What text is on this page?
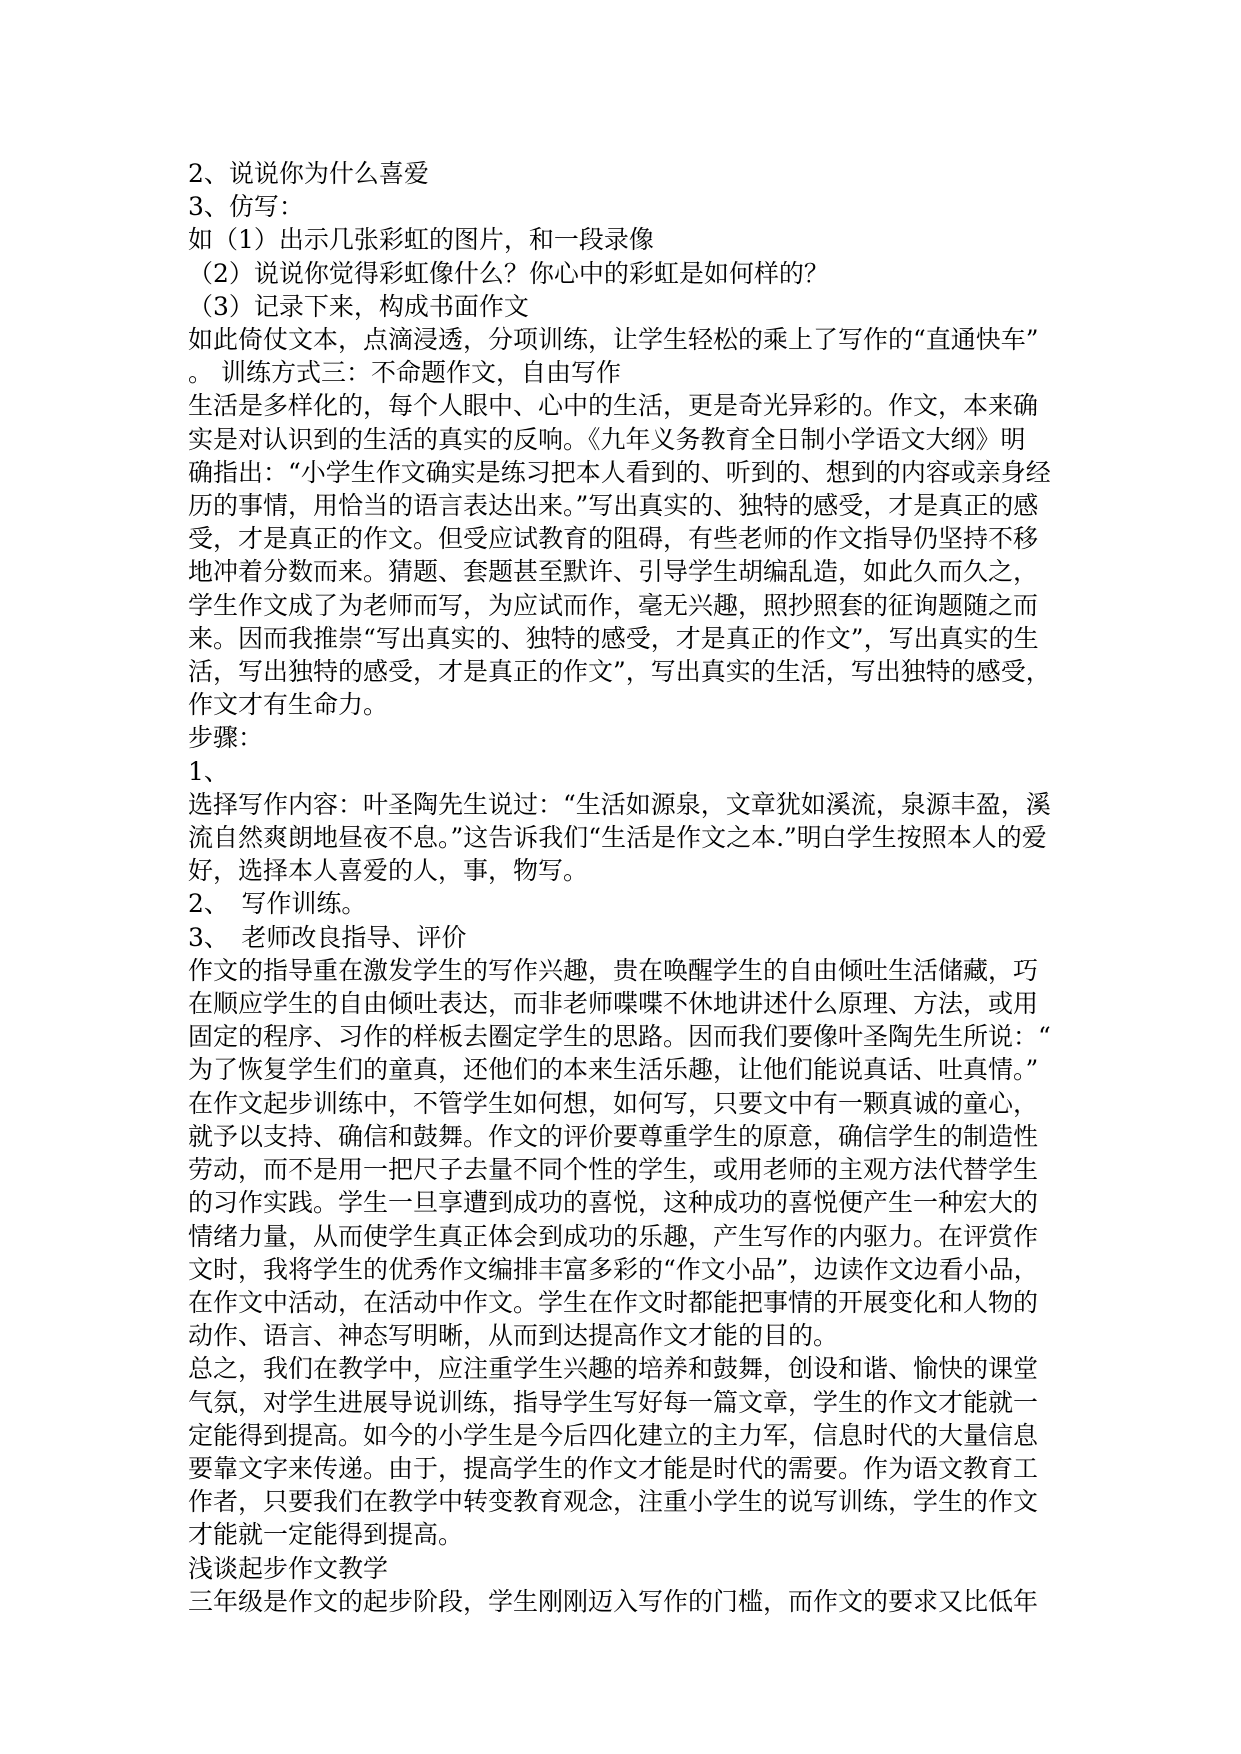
2、说说你为什么喜爱

3、仿写：

如（1）出示几张彩虹的图片，和一段录像

（2）说说你觉得彩虹像什么？你心中的彩虹是如何样的？

（3）记录下来，构成书面作文

如此倚仗文本，点滴浸透，分项训练，让学生轻松的乘上了写作的“直通快车”

。 训练方式三：不命题作文，自由写作

生活是多样化的，每个人眼中、心中的生活，更是奇光异彩的。作文，本来确

实是对认识到的生活的真实的反响。《九年义务教育全日制小学语文大纲》明

确指出：“小学生作文确实是练习把本人看到的、听到的、想到的内容或亲身经

历的事情，用恰当的语言表达出来。”写出真实的、独特的感受，才是真正的感

受，才是真正的作文。但受应试教育的阻碍，有些老师的作文指导仍坚持不移

地冲着分数而来。猜题、套题甚至默许、引导学生胡编乱造，如此久而久之，

学生作文成了为老师而写，为应试而作，毫无兴趣，照抄照套的征询题随之而

来。因而我推崇“写出真实的、独特的感受，才是真正的作文”，写出真实的生

活，写出独特的感受，才是真正的作文”，写出真实的生活，写出独特的感受，

作文才有生命力。

步骤：

1、

选择写作内容：叶圣陶先生说过：“生活如源泉，文章犹如溪流，泉源丰盈，溪

流自然爽朗地昼夜不息。”这告诉我们“生活是作文之本.”明白学生按照本人的爱

好，选择本人喜爱的人，事，物写。

2、　写作训练。

3、　老师改良指导、评价

作文的指导重在激发学生的写作兴趣，贵在唤醒学生的自由倾吐生活储藏，巧

在顺应学生的自由倾吐表达，而非老师喋喋不休地讲述什么原理、方法，或用

固定的程序、习作的样板去圈定学生的思路。因而我们要像叶圣陶先生所说：“

为了恢复学生们的童真，还他们的本来生活乐趣，让他们能说真话、吐真情。”

在作文起步训练中，不管学生如何想，如何写，只要文中有一颗真诚的童心，

就予以支持、确信和鼓舞。作文的评价要尊重学生的原意，确信学生的制造性

劳动，而不是用一把尺子去量不同个性的学生，或用老师的主观方法代替学生

的习作实践。学生一旦享遭到成功的喜悦，这种成功的喜悦便产生一种宏大的

情绪力量，从而使学生真正体会到成功的乐趣，产生写作的内驱力。在评赏作

文时，我将学生的优秀作文编排丰富多彩的“作文小品”，边读作文边看小品，

在作文中活动，在活动中作文。学生在作文时都能把事情的开展变化和人物的

动作、语言、神态写明晰，从而到达提高作文才能的目的。

总之，我们在教学中，应注重学生兴趣的培养和鼓舞，创设和谐、愉快的课堂

气氛，对学生进展导说训练，指导学生写好每一篇文章，学生的作文才能就一

定能得到提高。如今的小学生是今后四化建立的主力军，信息时代的大量信息

要靠文字来传递。由于，提高学生的作文才能是时代的需要。作为语文教育工

作者，只要我们在教学中转变教育观念，注重小学生的说写训练，学生的作文

才能就一定能得到提高。

浅谈起步作文教学

三年级是作文的起步阶段，学生刚刚迈入写作的门槛，而作文的要求又比低年
